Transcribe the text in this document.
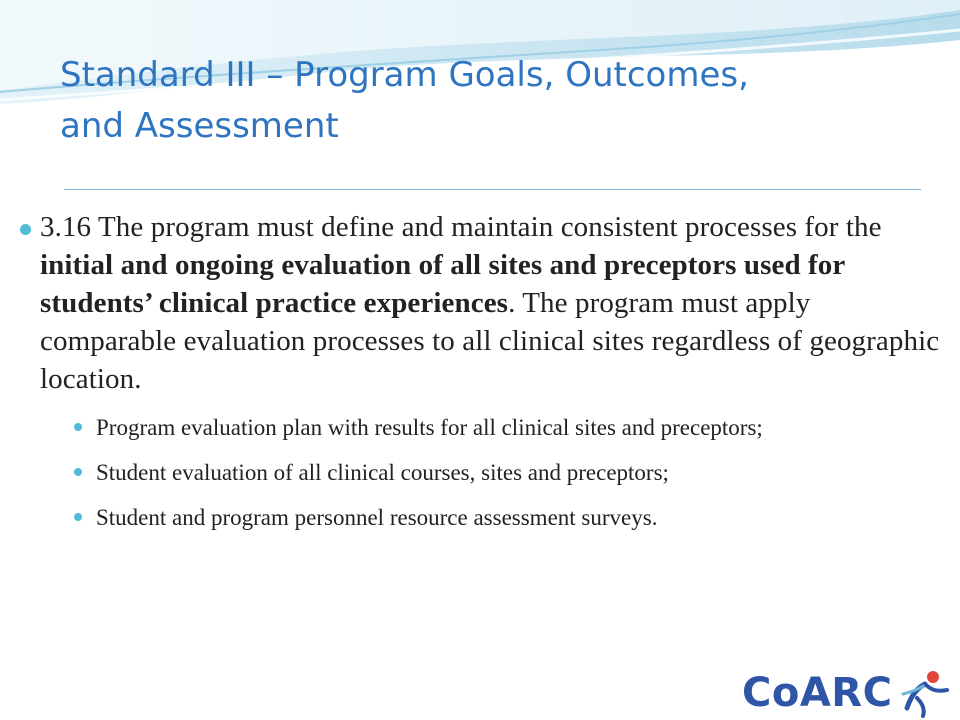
Standard III – Program Goals, Outcomes,
and Assessment
3.16 The program must define and maintain consistent processes for the initial and ongoing evaluation of all sites and preceptors used for students’ clinical practice experiences. The program must apply comparable evaluation processes to all clinical sites regardless of geographic location.
Program evaluation plan with results for all clinical sites and preceptors;
Student evaluation of all clinical courses, sites and preceptors;
Student and program personnel resource assessment surveys.
CoARC
